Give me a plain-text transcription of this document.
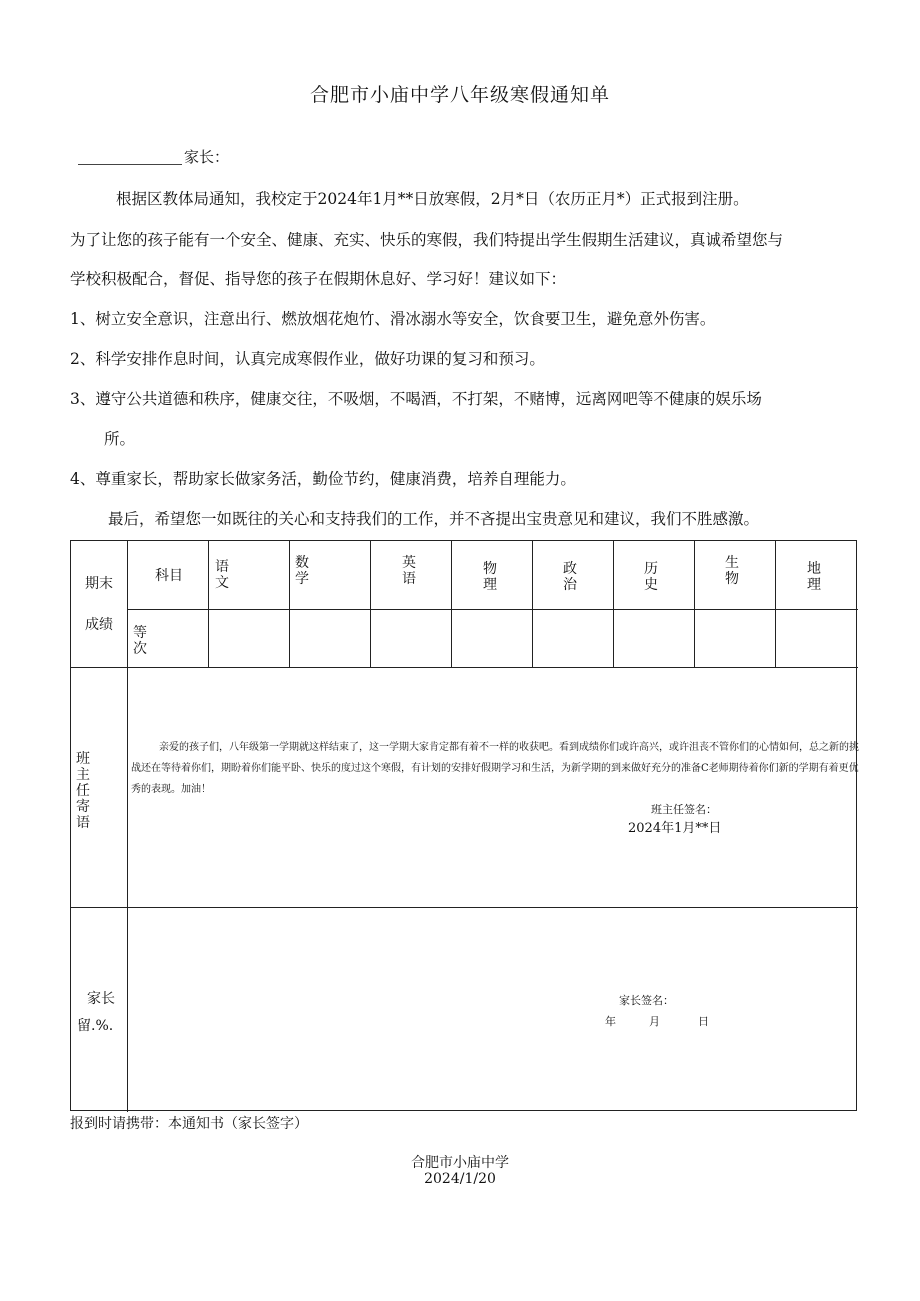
合肥市小庙中学八年级寒假通知单
家长：
根据区教体局通知，我校定于2024年1月**日放寒假，2月*日（农历正月*）正式报到注册。
为了让您的孩子能有一个安全、健康、充实、快乐的寒假，我们特提出学生假期生活建议，真诚希望您与
学校积极配合，督促、指导您的孩子在假期休息好、学习好！建议如下：
1、树立安全意识，注意出行、燃放烟花炮竹、滑冰溺水等安全，饮食要卫生，避免意外伤害。
2、科学安排作息时间，认真完成寒假作业，做好功课的复习和预习。
3、遵守公共道德和秩序，健康交往，不吸烟，不喝酒，不打架，不赌博，远离网吧等不健康的娱乐场
所。
4、尊重家长，帮助家长做家务活，勤俭节约，健康消费，培养自理能力。
最后，希望您一如既往的关心和支持我们的工作，并不吝提出宝贵意见和建议，我们不胜感激。
期末
成绩
科目
语文
数学
英语
物理
政治
历史
生物
地理
等次
班主任寄语
亲爱的孩子们，八年级第一学期就这样结束了，这一学期大家肯定都有着不一样的收获吧。看到成绩你们或许高兴，或许沮丧不管你们的心情如何，总之新的挑战还在等待着你们，期盼着你们能平卧、快乐的度过这个寒假，有计划的安排好假期学习和生活，为新学期的到来做好充分的准备C老师期待着你们新的学期有着更优秀的表现。加油！
班主任签名：
2024年1月**日
家长
留.%.
家长签名：
年	月	日
报到时请携带：本通知书（家长签字）
合肥市小庙中学
2024/1/20
